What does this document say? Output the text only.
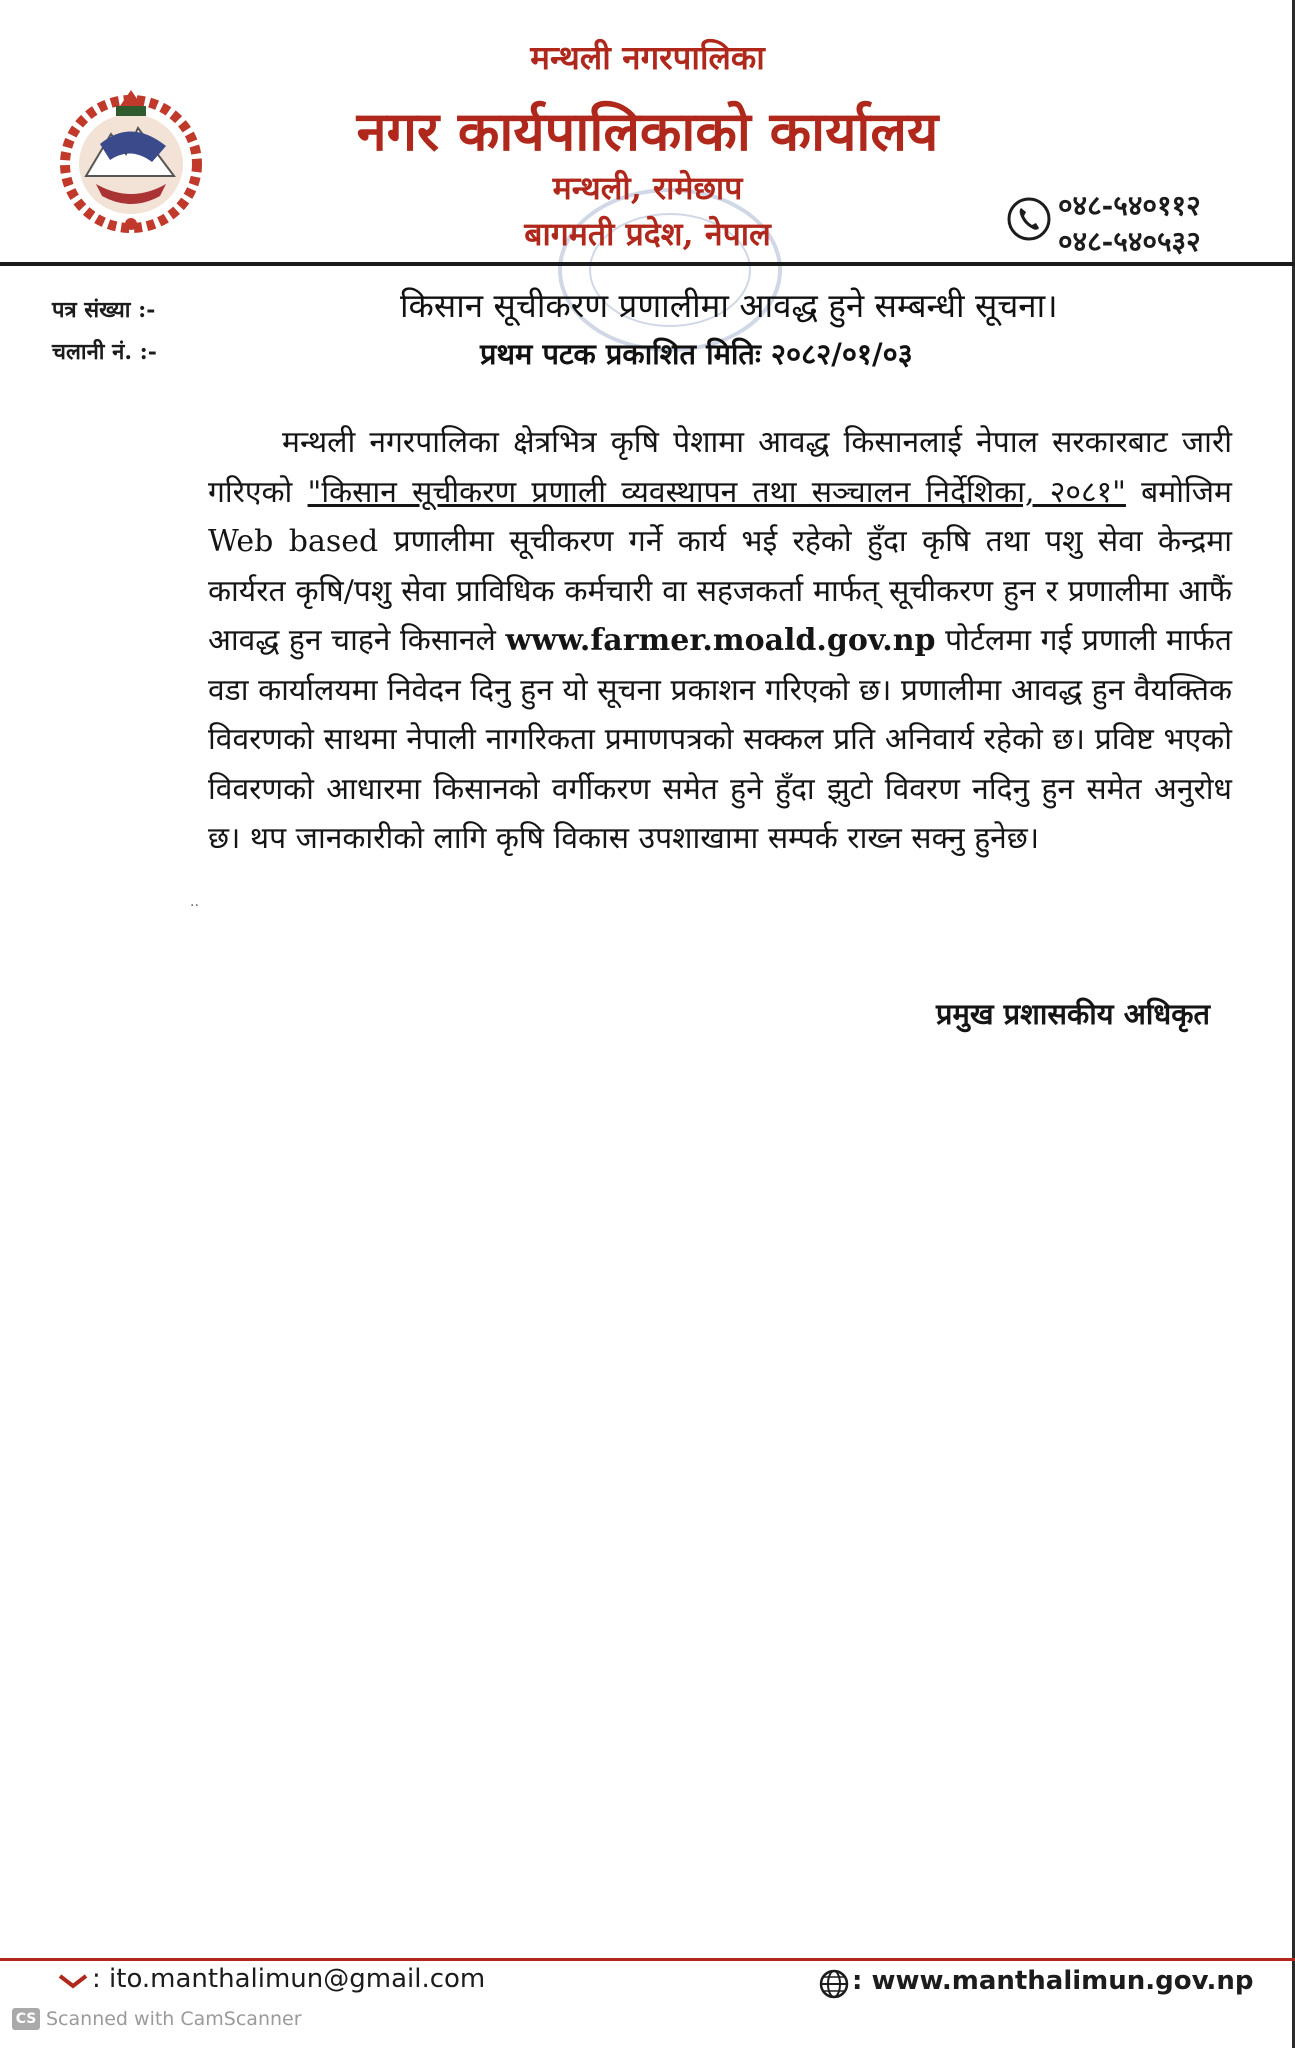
मन्थली नगरपालिका
नगर कार्यपालिकाको कार्यालय
मन्थली, रामेछाप
बागमती प्रदेश, नेपाल
०४८-५४०११२
०४८-५४०५३२
पत्र संख्या :-
चलानी नं. :-
किसान सूचीकरण प्रणालीमा आवद्ध हुने सम्बन्धी सूचना।
प्रथम पटक प्रकाशित मितिः २०८२/०१/०३
मन्थली नगरपालिका क्षेत्रभित्र कृषि पेशामा आवद्ध किसानलाई नेपाल सरकारबाट जारी गरिएको "किसान सूचीकरण प्रणाली व्यवस्थापन तथा सञ्चालन निर्देशिका, २०८१" बमोजिम Web based प्रणालीमा सूचीकरण गर्ने कार्य भई रहेको हुँदा कृषि तथा पशु सेवा केन्द्रमा कार्यरत कृषि/पशु सेवा प्राविधिक कर्मचारी वा सहजकर्ता मार्फत् सूचीकरण हुन र प्रणालीमा आफैं आवद्ध हुन चाहने किसानले www.farmer.moald.gov.np पोर्टलमा गई प्रणाली मार्फत वडा कार्यालयमा निवेदन दिनु हुन यो सूचना प्रकाशन गरिएको छ। प्रणालीमा आवद्ध हुन वैयक्तिक विवरणको साथमा नेपाली नागरिकता प्रमाणपत्रको सक्कल प्रति अनिवार्य रहेको छ। प्रविष्ट भएको विवरणको आधारमा किसानको वर्गीकरण समेत हुने हुँदा झुटो विवरण नदिनु हुन समेत अनुरोध छ। थप जानकारीको लागि कृषि विकास उपशाखामा सम्पर्क राख्न सक्नु हुनेछ।
··
प्रमुख प्रशासकीय अधिकृत
: ito.manthalimun@gmail.com	: www.manthalimun.gov.np
CS Scanned with CamScanner
